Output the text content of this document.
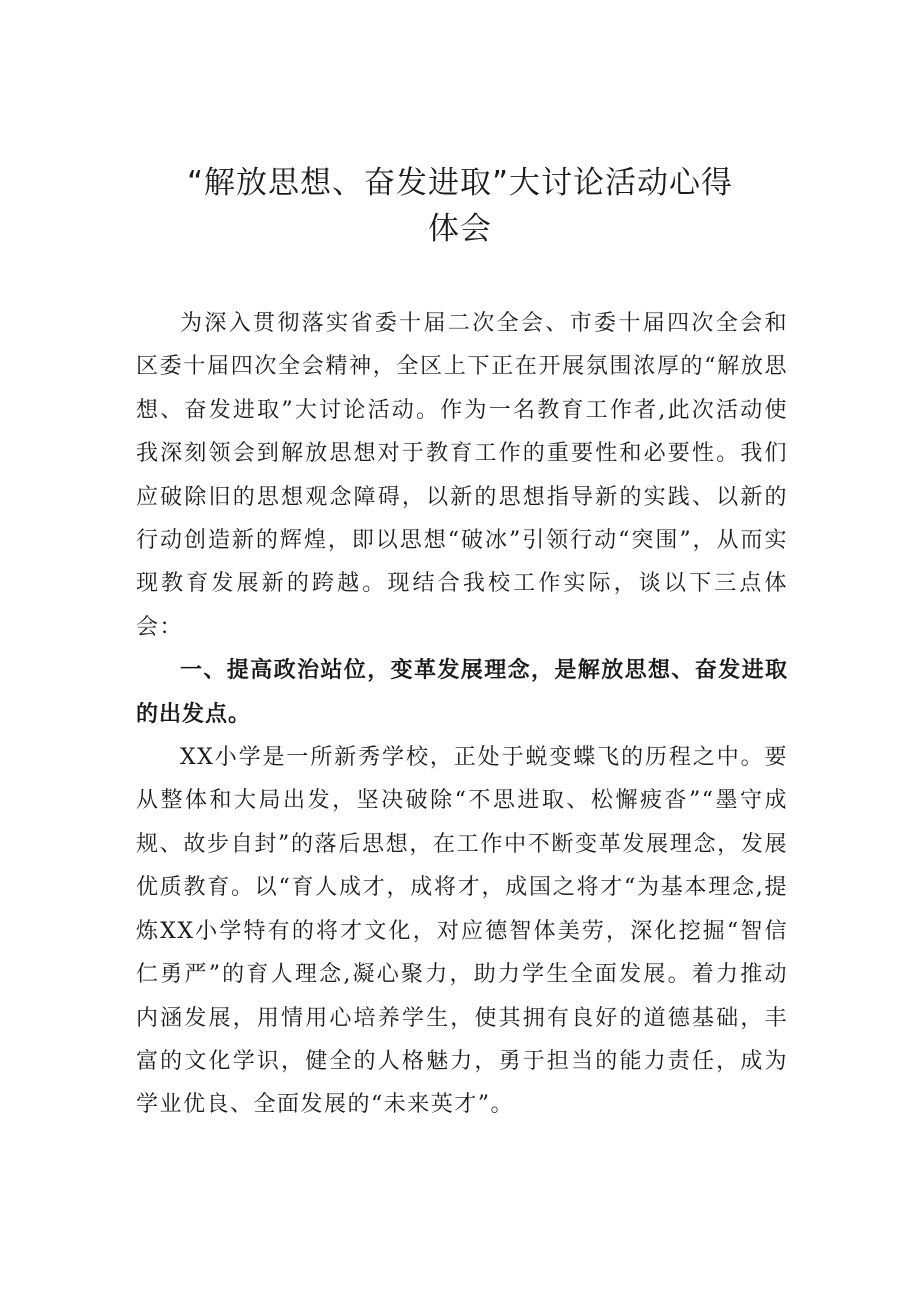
“解放思想、奋发进取”大讨论活动心得
体会

为深入贯彻落实省委十届二次全会、市委十届四次全会和区委十届四次全会精神，全区上下正在开展氛围浓厚的“解放思想、奋发进取”大讨论活动。作为一名教育工作者,此次活动使我深刻领会到解放思想对于教育工作的重要性和必要性。我们应破除旧的思想观念障碍，以新的思想指导新的实践、以新的行动创造新的辉煌，即以思想“破冰”引领行动“突围”，从而实现教育发展新的跨越。现结合我校工作实际，谈以下三点体会：

一、提高政治站位，变革发展理念，是解放思想、奋发进取的出发点。

XX小学是一所新秀学校，正处于蜕变蝶飞的历程之中。要从整体和大局出发，坚决破除“不思进取、松懈疲沓”“墨守成规、故步自封”的落后思想，在工作中不断变革发展理念，发展优质教育。以“育人成才，成将才，成国之将才“为基本理念,提炼XX小学特有的将才文化，对应德智体美劳，深化挖掘“智信仁勇严”的育人理念,凝心聚力，助力学生全面发展。着力推动内涵发展，用情用心培养学生，使其拥有良好的道德基础，丰富的文化学识，健全的人格魅力，勇于担当的能力责任，成为学业优良、全面发展的“未来英才”。
